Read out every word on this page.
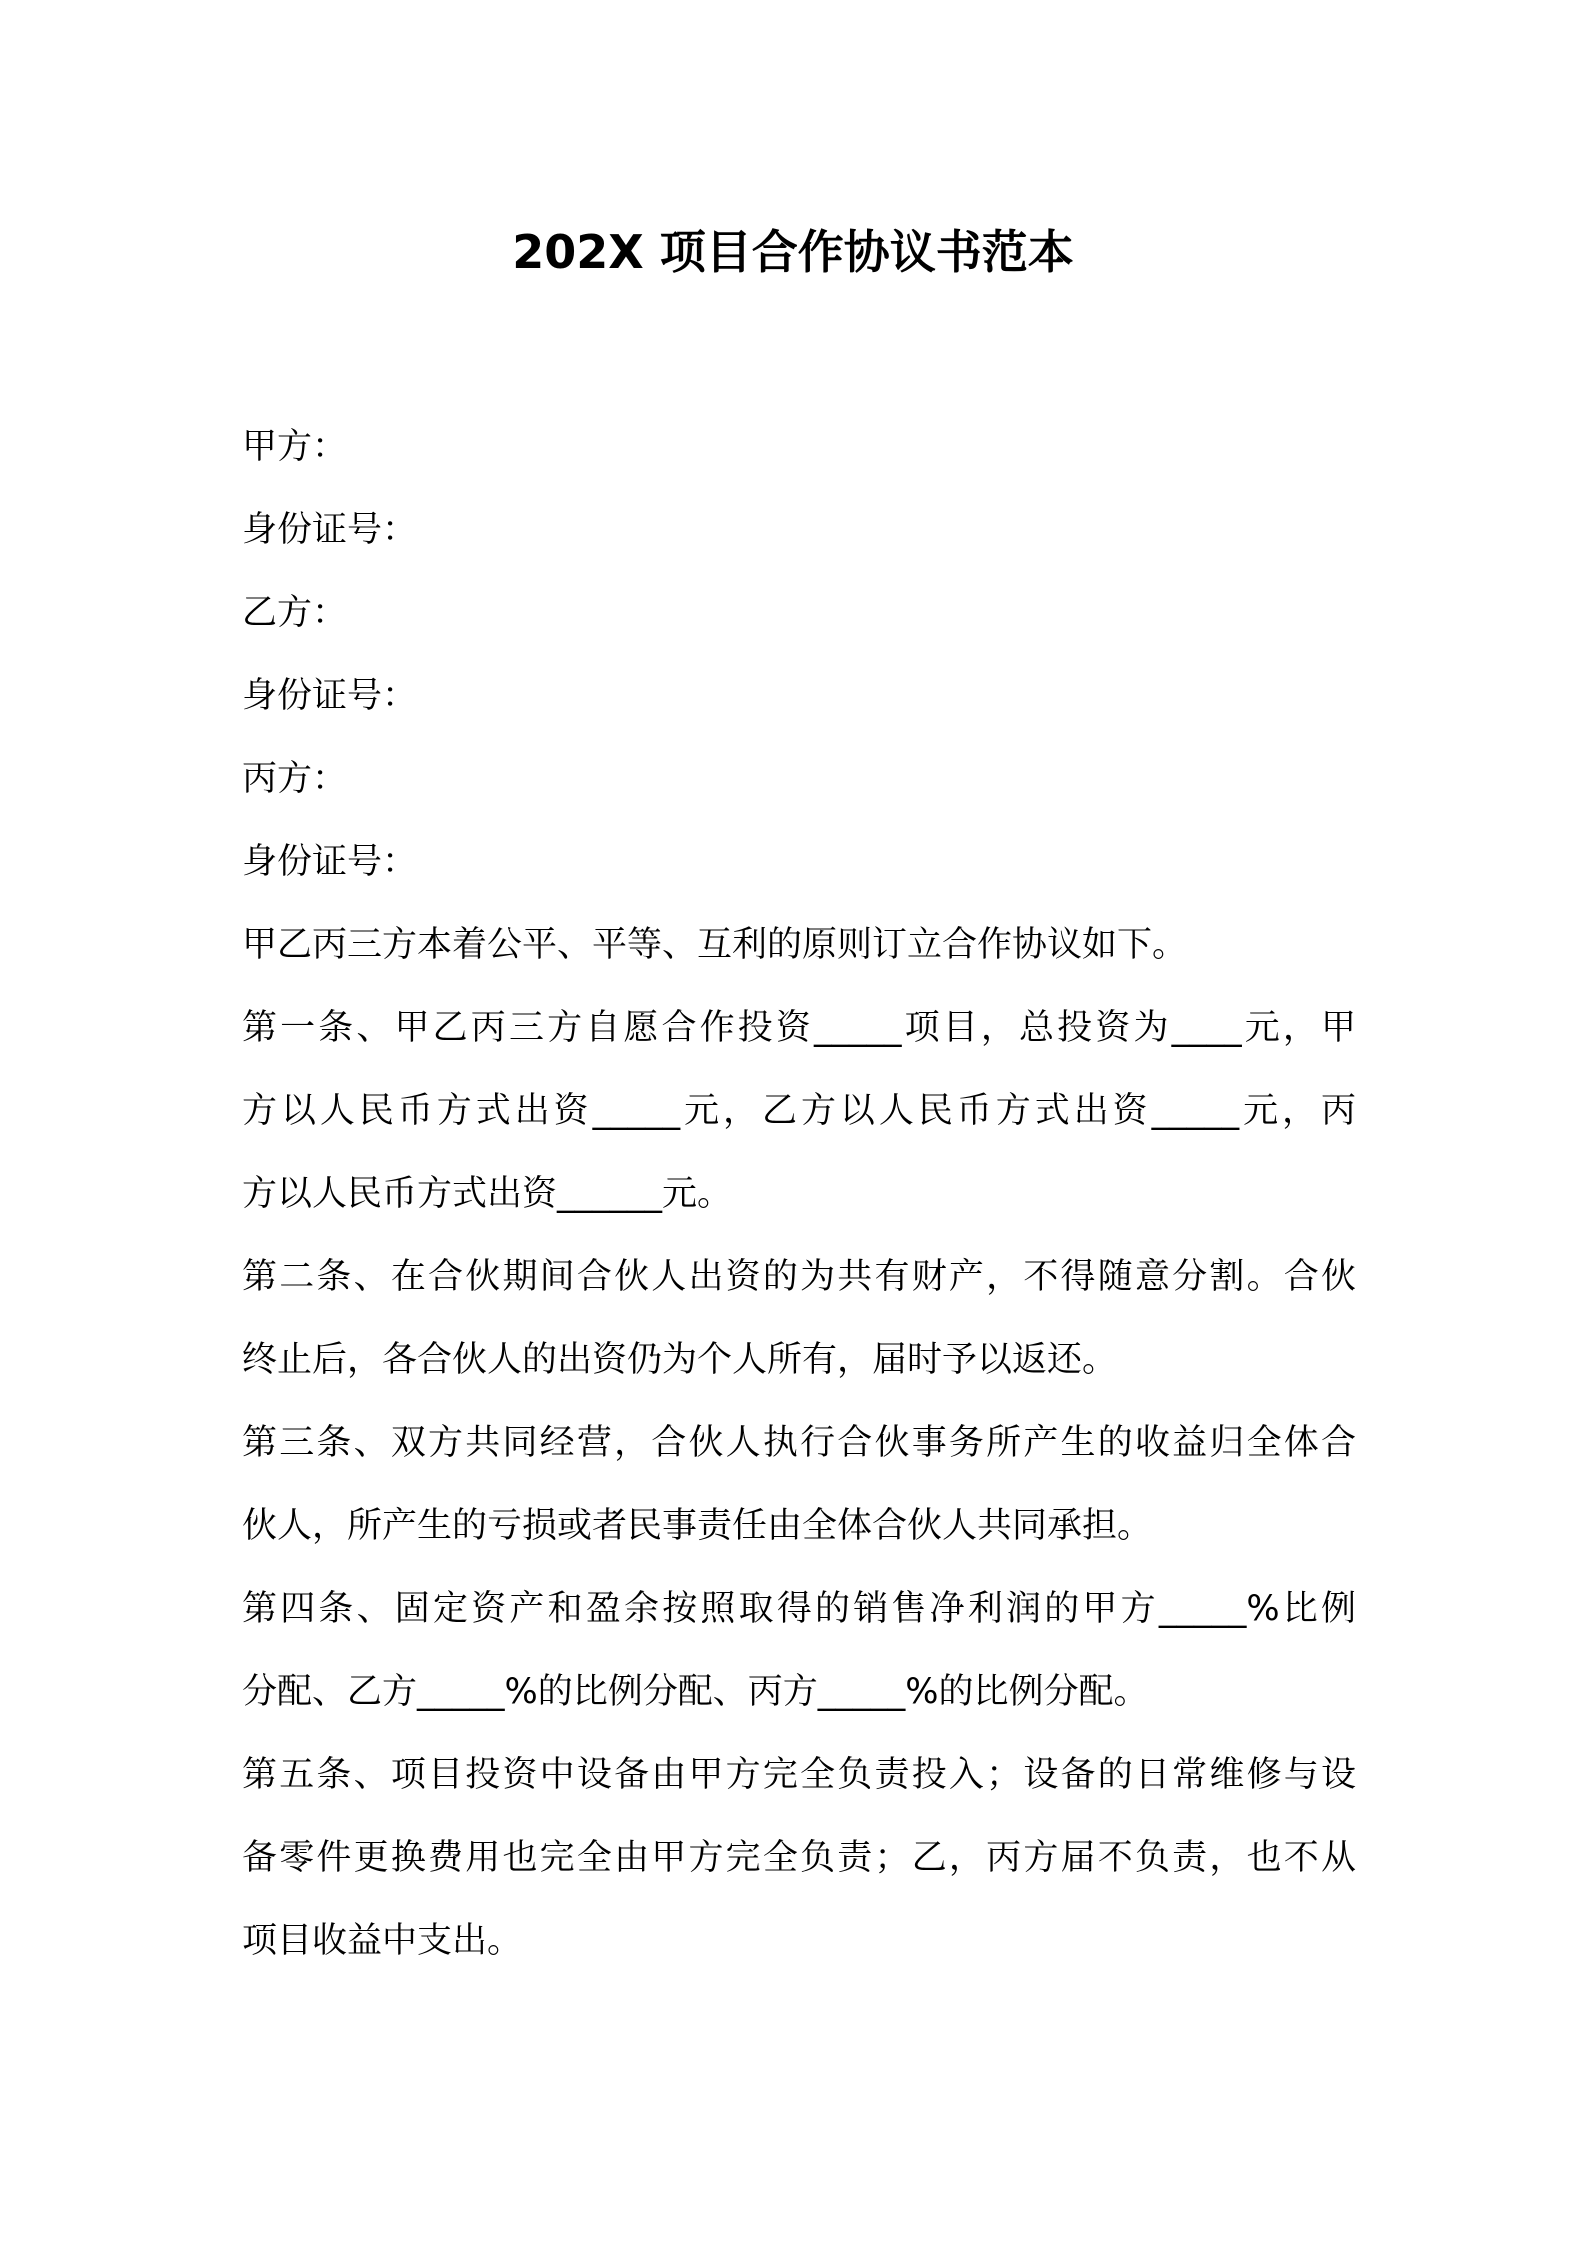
202X 项目合作协议书范本
甲方：
身份证号：
乙方：
身份证号：
丙方：
身份证号：
甲乙丙三方本着公平、平等、互利的原则订立合作协议如下。
第一条、甲乙丙三方自愿合作投资_____项目，总投资为____元，甲
方以人民币方式出资_____元，乙方以人民币方式出资_____元，丙
方以人民币方式出资______元。
第二条、在合伙期间合伙人出资的为共有财产，不得随意分割。合伙
终止后，各合伙人的出资仍为个人所有，届时予以返还。
第三条、双方共同经营，合伙人执行合伙事务所产生的收益归全体合
伙人，所产生的亏损或者民事责任由全体合伙人共同承担。
第四条、固定资产和盈余按照取得的销售净利润的甲方_____%比例
分配、乙方_____%的比例分配、丙方_____%的比例分配。
第五条、项目投资中设备由甲方完全负责投入；设备的日常维修与设
备零件更换费用也完全由甲方完全负责；乙，丙方届不负责，也不从
项目收益中支出。
